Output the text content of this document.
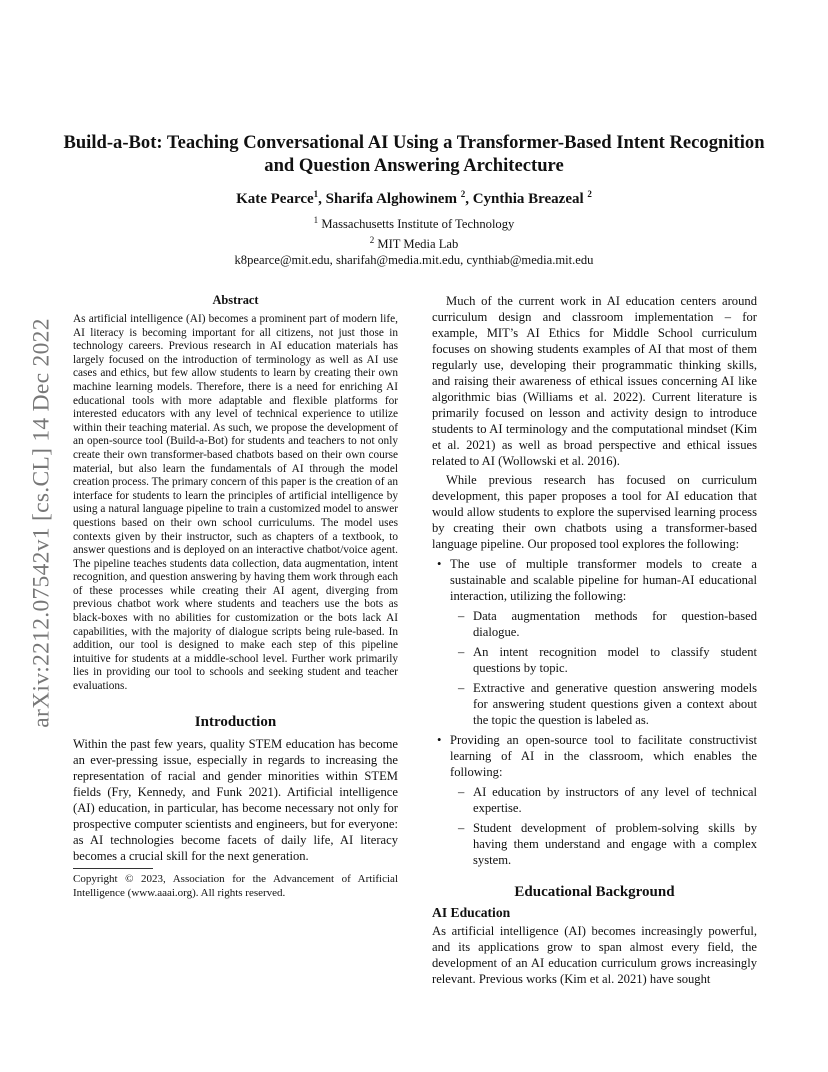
arXiv:2212.07542v1 [cs.CL] 14 Dec 2022
Build-a-Bot: Teaching Conversational AI Using a Transformer-Based Intent Recognition and Question Answering Architecture

Kate Pearce$^1$, Sharifa Alghowinem $^2$, Cynthia Breazeal $^2$

$^1$ Massachusetts Institute of Technology
$^2$ MIT Media Lab
k8pearce@mit.edu, sharifah@media.mit.edu, cynthiab@media.mit.edu
Abstract

As artificial intelligence (AI) becomes a prominent part of modern life, AI literacy is becoming important for all citizens, not just those in technology careers. Previous research in AI education materials has largely focused on the introduction of terminology as well as AI use cases and ethics, but few allow students to learn by creating their own machine learning models. Therefore, there is a need for enriching AI educational tools with more adaptable and flexible platforms for interested educators with any level of technical experience to utilize within their teaching material. As such, we propose the development of an open-source tool (Build-a-Bot) for students and teachers to not only create their own transformer-based chatbots based on their own course material, but also learn the fundamentals of AI through the model creation process. The primary concern of this paper is the creation of an interface for students to learn the principles of artificial intelligence by using a natural language pipeline to train a customized model to answer questions based on their own school curriculums. The model uses contexts given by their instructor, such as chapters of a textbook, to answer questions and is deployed on an interactive chatbot/voice agent. The pipeline teaches students data collection, data augmentation, intent recognition, and question answering by having them work through each of these processes while creating their AI agent, diverging from previous chatbot work where students and teachers use the bots as black-boxes with no abilities for customization or the bots lack AI capabilities, with the majority of dialogue scripts being rule-based. In addition, our tool is designed to make each step of this pipeline intuitive for students at a middle-school level. Further work primarily lies in providing our tool to schools and seeking student and teacher evaluations.

Introduction

Within the past few years, quality STEM education has become an ever-pressing issue, especially in regards to increasing the representation of racial and gender minorities within STEM fields (Fry, Kennedy, and Funk 2021). Artificial intelligence (AI) education, in particular, has become necessary not only for prospective computer scientists and engineers, but for everyone: as AI technologies become facets of daily life, AI literacy becomes a crucial skill for the next generation.

Copyright © 2023, Association for the Advancement of Artificial Intelligence (www.aaai.org). All rights reserved.

Much of the current work in AI education centers around curriculum design and classroom implementation – for example, MIT’s AI Ethics for Middle School curriculum focuses on showing students examples of AI that most of them regularly use, developing their programmatic thinking skills, and raising their awareness of ethical issues concerning AI like algorithmic bias (Williams et al. 2022). Current literature is primarily focused on lesson and activity design to introduce students to AI terminology and the computational mindset (Kim et al. 2021) as well as broad perspective and ethical issues related to AI (Wollowski et al. 2016).

While previous research has focused on curriculum development, this paper proposes a tool for AI education that would allow students to explore the supervised learning process by creating their own chatbots using a transformer-based language pipeline. Our proposed tool explores the following:

• The use of multiple transformer models to create a sustainable and scalable pipeline for human-AI educational interaction, utilizing the following:
– Data augmentation methods for question-based dialogue.
– An intent recognition model to classify student questions by topic.
– Extractive and generative question answering models for answering student questions given a context about the topic the question is labeled as.
• Providing an open-source tool to facilitate constructivist learning of AI in the classroom, which enables the following:
– AI education by instructors of any level of technical expertise.
– Student development of problem-solving skills by having them understand and engage with a complex system.
Educational Background
AI Education

As artificial intelligence (AI) becomes increasingly powerful, and its applications grow to span almost every field, the development of an AI education curriculum grows increasingly relevant. Previous works (Kim et al. 2021) have sought
